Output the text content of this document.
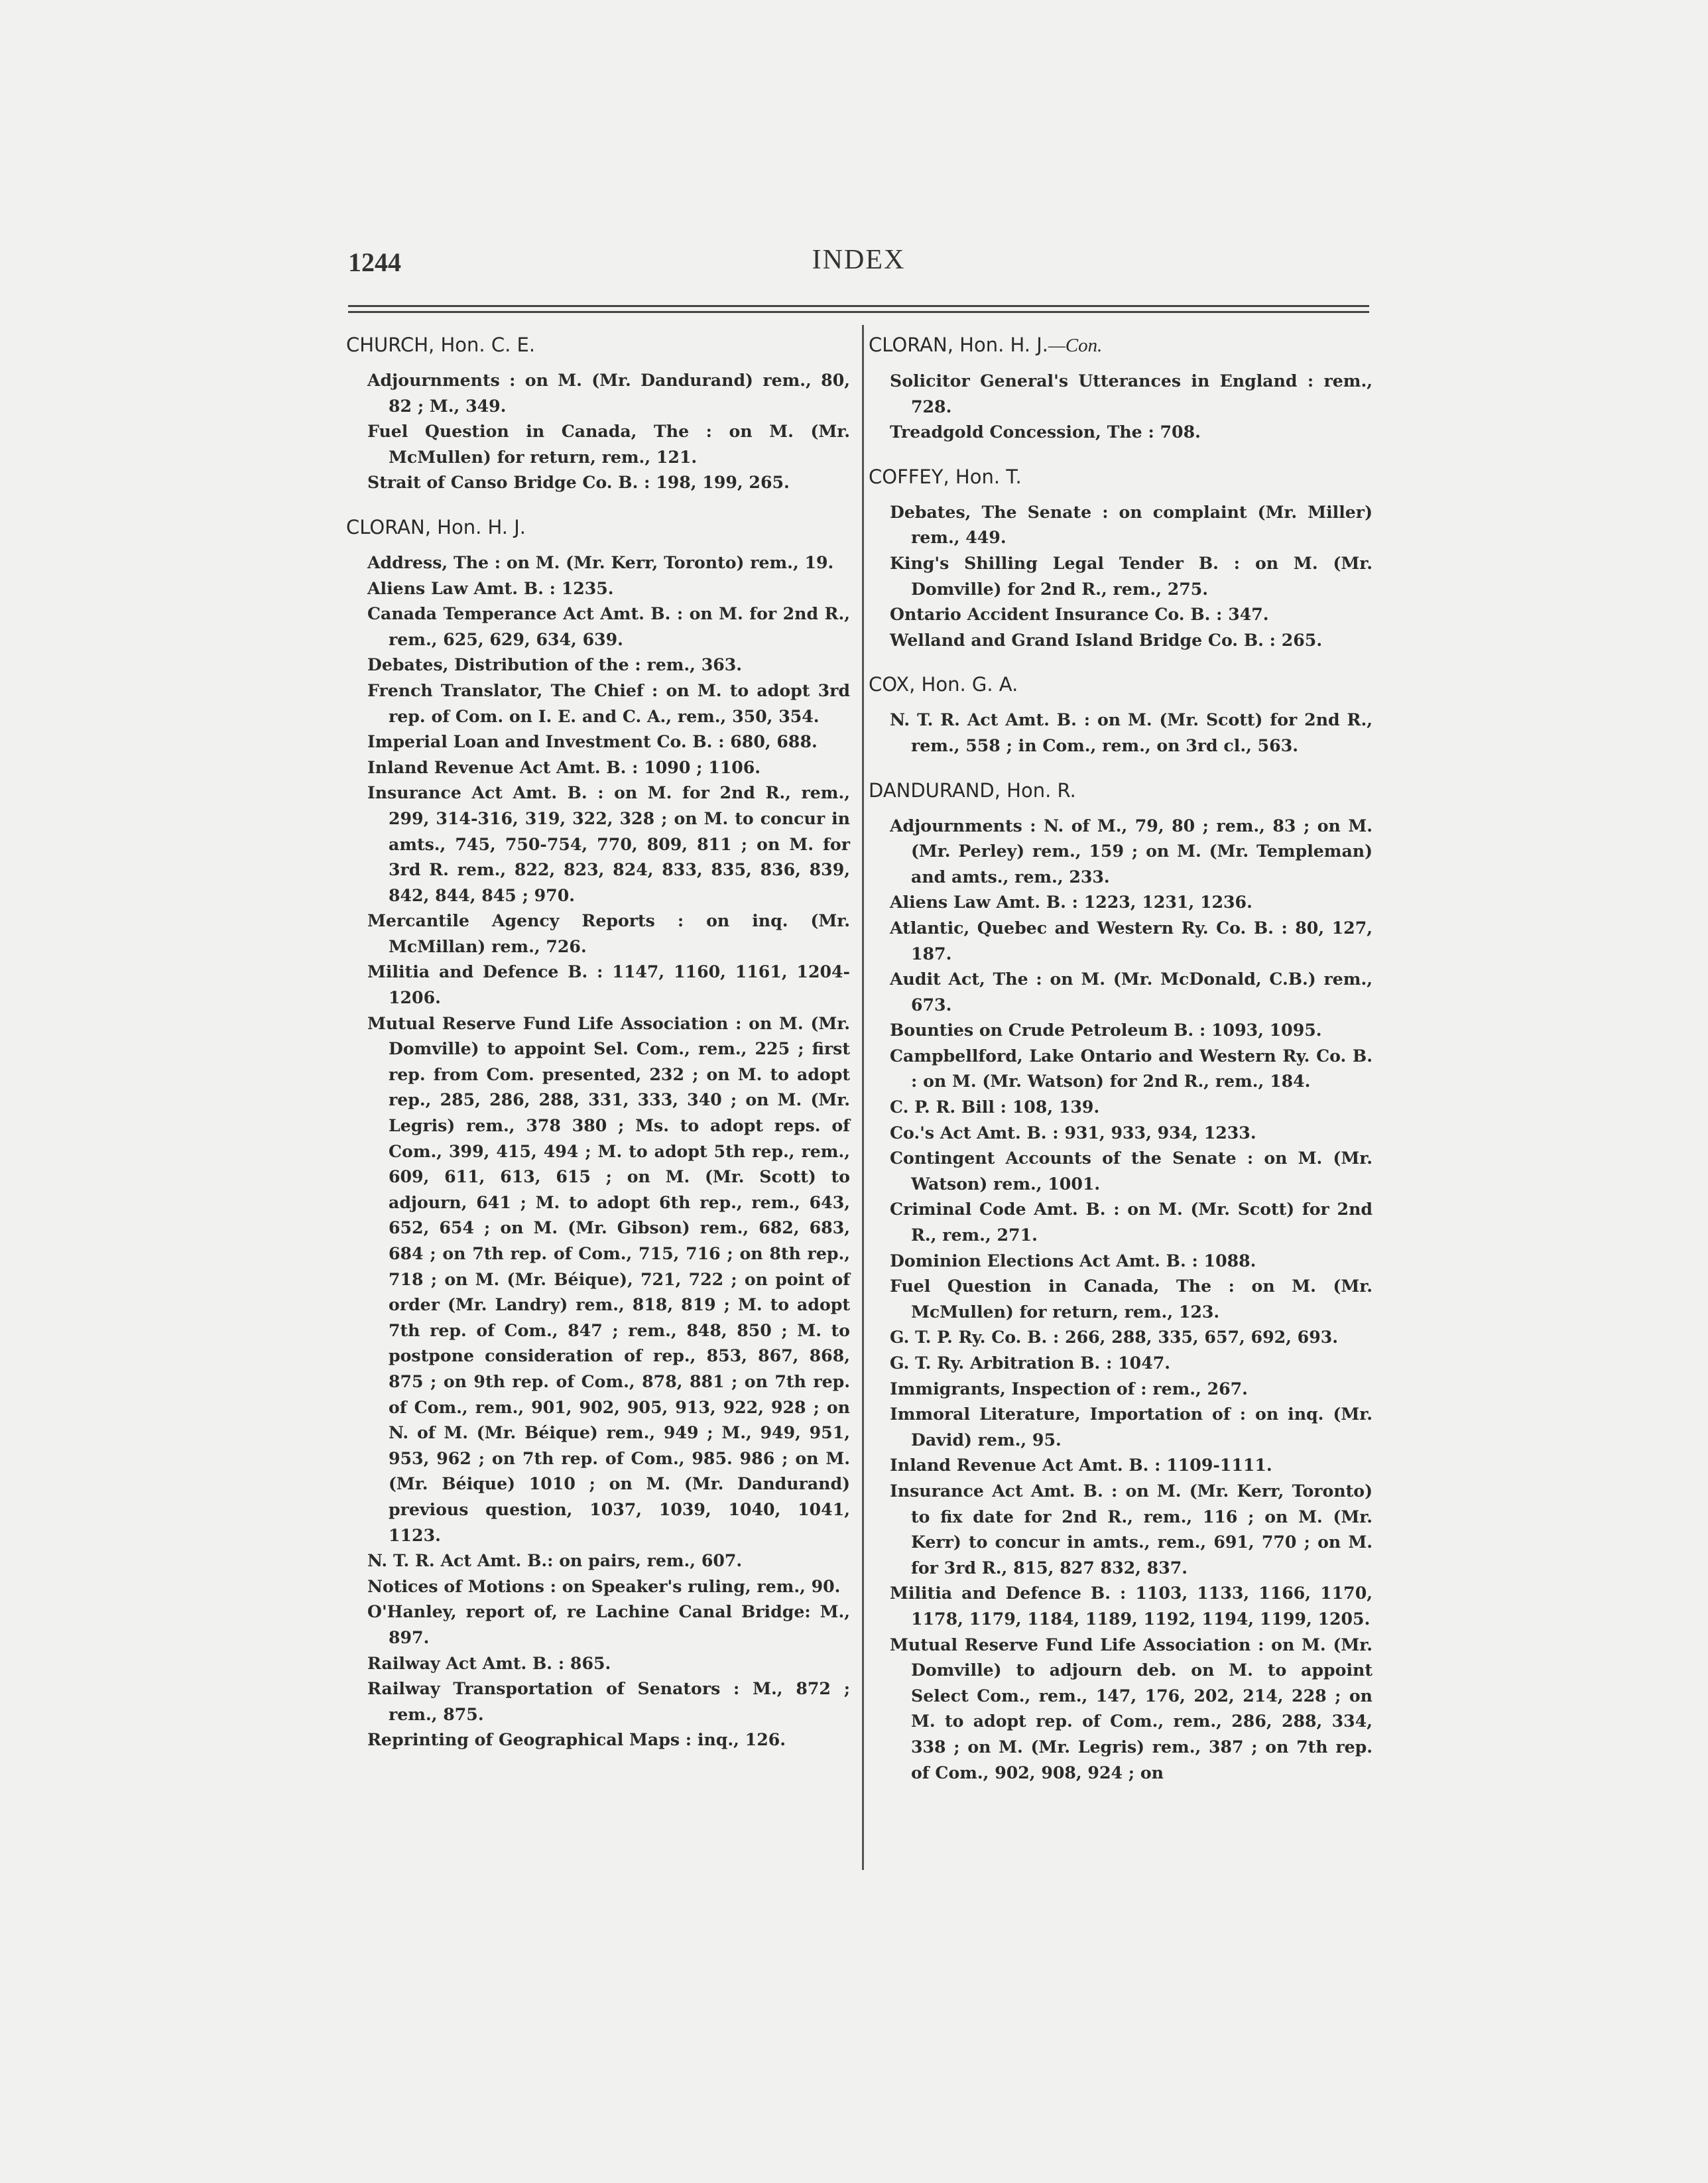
1244	INDEX
CHURCH, Hon. C. E.

Adjournments : on M. (Mr. Dandurand) rem., 80, 82 ; M., 349.

Fuel Question in Canada, The : on M. (Mr. McMullen) for return, rem., 121.

Strait of Canso Bridge Co. B. : 198, 199, 265.

CLORAN, Hon. H. J.

Address, The : on M. (Mr. Kerr, Toronto) rem., 19.

Aliens Law Amt. B. : 1235.

Canada Temperance Act Amt. B. : on M. for 2nd R., rem., 625, 629, 634, 639.

Debates, Distribution of the : rem., 363.

French Translator, The Chief : on M. to adopt 3rd rep. of Com. on I. E. and C. A., rem., 350, 354.

Imperial Loan and Investment Co. B. : 680, 688.

Inland Revenue Act Amt. B. : 1090 ; 1106.

Insurance Act Amt. B. : on M. for 2nd R., rem., 299, 314-316, 319, 322, 328 ; on M. to concur in amts., 745, 750-754, 770, 809, 811 ; on M. for 3rd R. rem., 822, 823, 824, 833, 835, 836, 839, 842, 844, 845 ; 970.

Mercantile Agency Reports : on inq. (Mr. McMillan) rem., 726.

Militia and Defence B. : 1147, 1160, 1161, 1204-1206.

Mutual Reserve Fund Life Association : on M. (Mr. Domville) to appoint Sel. Com., rem., 225 ; first rep. from Com. presented, 232 ; on M. to adopt rep., 285, 286, 288, 331, 333, 340 ; on M. (Mr. Legris) rem., 378 380 ; Ms. to adopt reps. of Com., 399, 415, 494 ; M. to adopt 5th rep., rem., 609, 611, 613, 615 ; on M. (Mr. Scott) to adjourn, 641 ; M. to adopt 6th rep., rem., 643, 652, 654 ; on M. (Mr. Gibson) rem., 682, 683, 684 ; on 7th rep. of Com., 715, 716 ; on 8th rep., 718 ; on M. (Mr. Béique), 721, 722 ; on point of order (Mr. Landry) rem., 818, 819 ; M. to adopt 7th rep. of Com., 847 ; rem., 848, 850 ; M. to postpone consideration of rep., 853, 867, 868, 875 ; on 9th rep. of Com., 878, 881 ; on 7th rep. of Com., rem., 901, 902, 905, 913, 922, 928 ; on N. of M. (Mr. Béique) rem., 949 ; M., 949, 951, 953, 962 ; on 7th rep. of Com., 985. 986 ; on M. (Mr. Béique) 1010 ; on M. (Mr. Dandurand) previous question, 1037, 1039, 1040, 1041, 1123.

N. T. R. Act Amt. B.: on pairs, rem., 607.

Notices of Motions : on Speaker's ruling, rem., 90.

O'Hanley, report of, re Lachine Canal Bridge: M., 897.

Railway Act Amt. B. : 865.

Railway Transportation of Senators : M., 872 ; rem., 875.

Reprinting of Geographical Maps : inq., 126.

CLORAN, Hon. H. J.—Con.

Solicitor General's Utterances in England : rem., 728.

Treadgold Concession, The : 708.

COFFEY, Hon. T.

Debates, The Senate : on complaint (Mr. Miller) rem., 449.

King's Shilling Legal Tender B. : on M. (Mr. Domville) for 2nd R., rem., 275.

Ontario Accident Insurance Co. B. : 347.

Welland and Grand Island Bridge Co. B. : 265.

COX, Hon. G. A.

N. T. R. Act Amt. B. : on M. (Mr. Scott) for 2nd R., rem., 558 ; in Com., rem., on 3rd cl., 563.

DANDURAND, Hon. R.

Adjournments : N. of M., 79, 80 ; rem., 83 ; on M. (Mr. Perley) rem., 159 ; on M. (Mr. Templeman) and amts., rem., 233.

Aliens Law Amt. B. : 1223, 1231, 1236.

Atlantic, Quebec and Western Ry. Co. B. : 80, 127, 187.

Audit Act, The : on M. (Mr. McDonald, C.B.) rem., 673.

Bounties on Crude Petroleum B. : 1093, 1095.

Campbellford, Lake Ontario and Western Ry. Co. B. : on M. (Mr. Watson) for 2nd R., rem., 184.

C. P. R. Bill : 108, 139.

Co.'s Act Amt. B. : 931, 933, 934, 1233.

Contingent Accounts of the Senate : on M. (Mr. Watson) rem., 1001.

Criminal Code Amt. B. : on M. (Mr. Scott) for 2nd R., rem., 271.

Dominion Elections Act Amt. B. : 1088.

Fuel Question in Canada, The : on M. (Mr. McMullen) for return, rem., 123.

G. T. P. Ry. Co. B. : 266, 288, 335, 657, 692, 693.

G. T. Ry. Arbitration B. : 1047.

Immigrants, Inspection of : rem., 267.

Immoral Literature, Importation of : on inq. (Mr. David) rem., 95.

Inland Revenue Act Amt. B. : 1109-1111.

Insurance Act Amt. B. : on M. (Mr. Kerr, Toronto) to fix date for 2nd R., rem., 116 ; on M. (Mr. Kerr) to concur in amts., rem., 691, 770 ; on M. for 3rd R., 815, 827 832, 837.

Militia and Defence B. : 1103, 1133, 1166, 1170, 1178, 1179, 1184, 1189, 1192, 1194, 1199, 1205.

Mutual Reserve Fund Life Association : on M. (Mr. Domville) to adjourn deb. on M. to appoint Select Com., rem., 147, 176, 202, 214, 228 ; on M. to adopt rep. of Com., rem., 286, 288, 334, 338 ; on M. (Mr. Legris) rem., 387 ; on 7th rep. of Com., 902, 908, 924 ; on
